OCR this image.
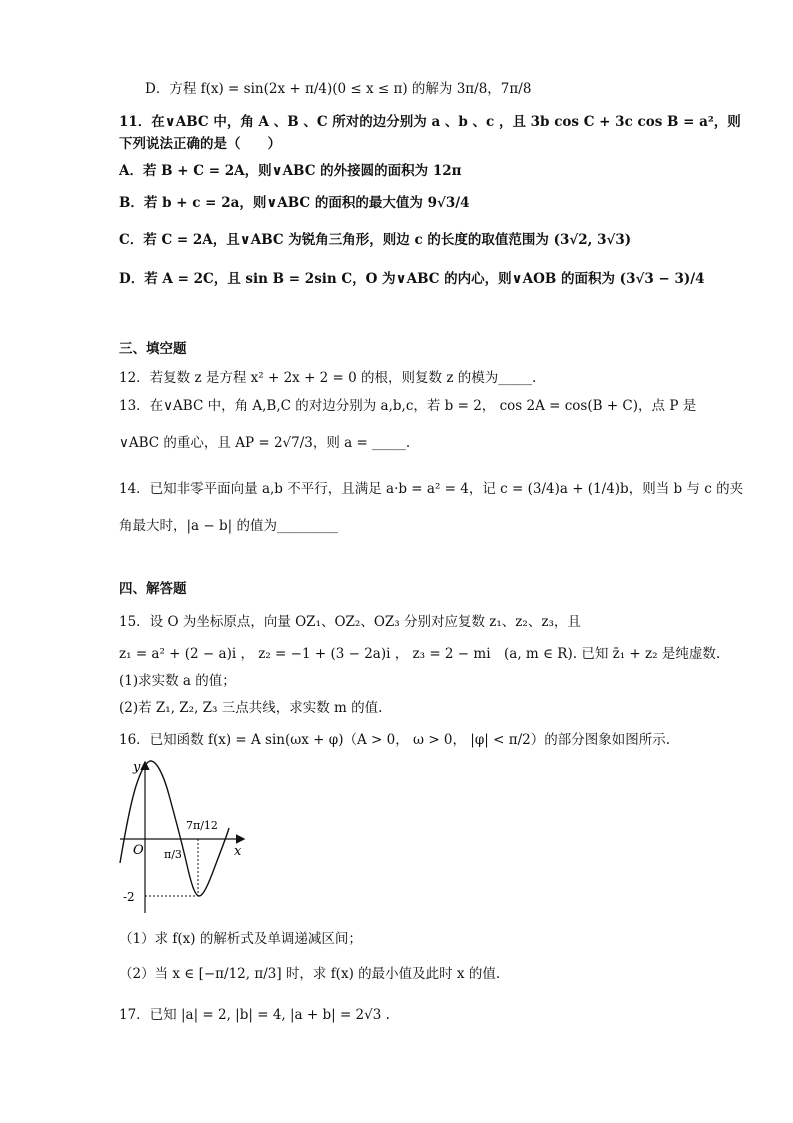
D．方程 f(x) = sin(2x + π/4)(0 ≤ x ≤ π) 的解为 3π/8，7π/8
11．在∨ABC 中，角 A 、B 、C 所对的边分别为 a 、b 、c ，且 3b cos C + 3c cos B = a²，则
下列说法正确的是（　　）
A．若 B + C = 2A，则∨ABC 的外接圆的面积为 12π
B．若 b + c = 2a，则∨ABC 的面积的最大值为 9√3/4
C．若 C = 2A，且∨ABC 为锐角三角形，则边 c 的长度的取值范围为 (3√2, 3√3)
D．若 A = 2C，且 sin B = 2sin C，O 为∨ABC 的内心，则∨AOB 的面积为 (3√3 − 3)/4
三、填空题
12．若复数 z 是方程 x² + 2x + 2 = 0 的根，则复数 z 的模为_____.
13．在∨ABC 中，角 A,B,C 的对边分别为 a,b,c，若 b = 2， cos 2A = cos(B + C)，点 P 是
∨ABC 的重心，且 AP = 2√7/3，则 a = _____.
14．已知非零平面向量 a,b 不平行，且满足 a·b = a² = 4，记 c = (3/4)a + (1/4)b，则当 b 与 c 的夹
角最大时，|a − b| 的值为_________
四、解答题
15．设 O 为坐标原点，向量 OZ₁、OZ₂、OZ₃ 分别对应复数 z₁、z₂、z₃，且
z₁ = a² + (2 − a)i ， z₂ = −1 + (3 − 2a)i ， z₃ = 2 − mi　(a, m ∈ R). 已知 z̄₁ + z₂ 是纯虚数.
(1)求实数 a 的值；
(2)若 Z₁, Z₂, Z₃ 三点共线，求实数 m 的值.
16．已知函数 f(x) = A sin(ωx + φ)（A > 0， ω > 0， |φ| < π/2）的部分图象如图所示.
y
x
O π/3
7π/12
-2
（1）求 f(x) 的解析式及单调递减区间；
（2）当 x ∈ [−π/12, π/3] 时，求 f(x) 的最小值及此时 x 的值.
17．已知 |a| = 2, |b| = 4, |a + b| = 2√3 .
